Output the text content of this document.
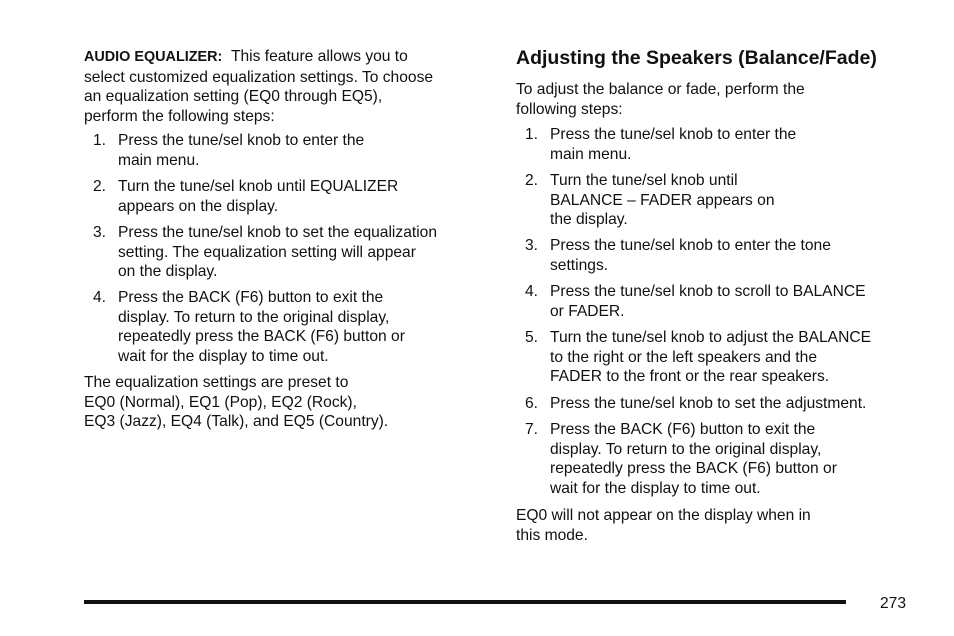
AUDIO EQUALIZER: This feature allows you to

select customized equalization settings. To choose

an equalization setting (EQ0 through EQ5),

perform the following steps:

1. Press the tune/sel knob to enter the

main menu.

2. Turn the tune/sel knob until EQUALIZER

appears on the display.

3. Press the tune/sel knob to set the equalization

setting. The equalization setting will appear

on the display.

4. Press the BACK (F6) button to exit the

display. To return to the original display,

repeatedly press the BACK (F6) button or

wait for the display to time out.

The equalization settings are preset to

EQ0 (Normal), EQ1 (Pop), EQ2 (Rock),

EQ3 (Jazz), EQ4 (Talk), and EQ5 (Country).

Adjusting the Speakers (Balance/Fade)

To adjust the balance or fade, perform the

following steps:

1. Press the tune/sel knob to enter the

main menu.

2. Turn the tune/sel knob until

BALANCE – FADER appears on

the display.

3. Press the tune/sel knob to enter the tone

settings.

4. Press the tune/sel knob to scroll to BALANCE

or FADER.

5. Turn the tune/sel knob to adjust the BALANCE

to the right or the left speakers and the

FADER to the front or the rear speakers.

6. Press the tune/sel knob to set the adjustment.

7. Press the BACK (F6) button to exit the

display. To return to the original display,

repeatedly press the BACK (F6) button or

wait for the display to time out.

EQ0 will not appear on the display when in

this mode.

273
